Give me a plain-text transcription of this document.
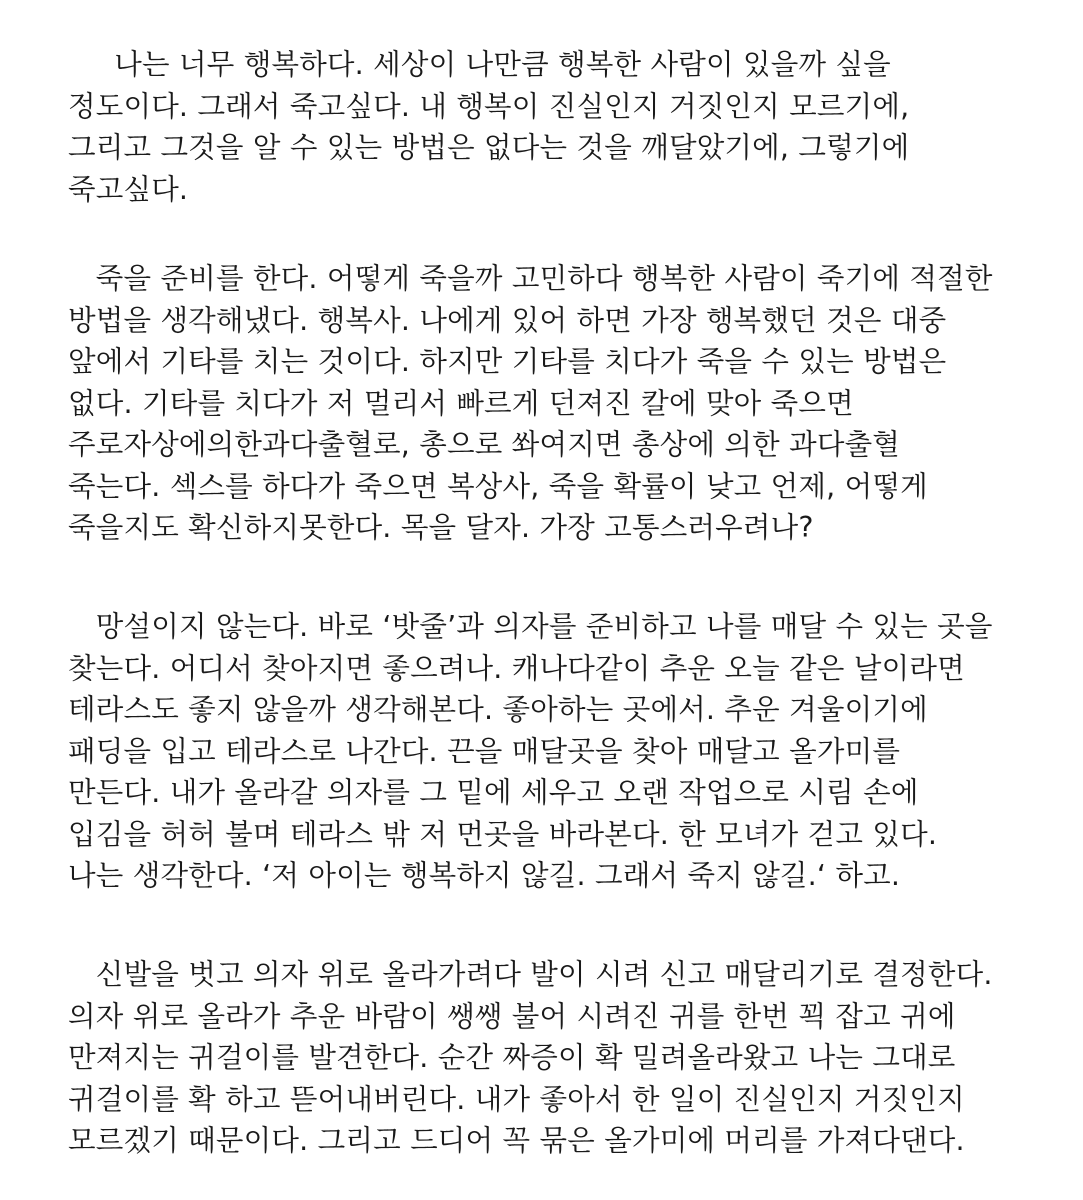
나는 너무 행복하다. 세상이 나만큼 행복한 사람이 있을까 싶을
정도이다. 그래서 죽고싶다. 내 행복이 진실인지 거짓인지 모르기에,
그리고 그것을 알 수 있는 방법은 없다는 것을 깨달았기에, 그렇기에
죽고싶다.
죽을 준비를 한다. 어떻게 죽을까 고민하다 행복한 사람이 죽기에 적절한
방법을 생각해냈다. 행복사. 나에게 있어 하면 가장 행복했던 것은 대중
앞에서 기타를 치는 것이다. 하지만 기타를 치다가 죽을 수 있는 방법은
없다. 기타를 치다가 저 멀리서 빠르게 던져진 칼에 맞아 죽으면
주로자상에의한과다출혈로, 총으로 쏴여지면 총상에 의한 과다출혈
죽는다. 섹스를 하다가 죽으면 복상사, 죽을 확률이 낮고 언제, 어떻게
죽을지도 확신하지못한다. 목을 달자. 가장 고통스러우려나?
망설이지 않는다. 바로 ‘밧줄’과 의자를 준비하고 나를 매달 수 있는 곳을
찾는다. 어디서 찾아지면 좋으려나. 캐나다같이 추운 오늘 같은 날이라면
테라스도 좋지 않을까 생각해본다. 좋아하는 곳에서. 추운 겨울이기에
패딩을 입고 테라스로 나간다. 끈을 매달곳을 찾아 매달고 올가미를
만든다. 내가 올라갈 의자를 그 밑에 세우고 오랜 작업으로 시림 손에
입김을 허허 불며 테라스 밖 저 먼곳을 바라본다. 한 모녀가 걷고 있다.
나는 생각한다. ‘저 아이는 행복하지 않길. 그래서 죽지 않길.‘ 하고.
신발을 벗고 의자 위로 올라가려다 발이 시려 신고 매달리기로 결정한다.
의자 위로 올라가 추운 바람이 쌩쌩 불어 시려진 귀를 한번 꾁 잡고 귀에
만져지는 귀걸이를 발견한다. 순간 짜증이 확 밀려올라왔고 나는 그대로
귀걸이를 확 하고 뜯어내버린다. 내가 좋아서 한 일이 진실인지 거짓인지
모르겠기 때문이다. 그리고 드디어 꼭 묶은 올가미에 머리를 가져다댄다.
